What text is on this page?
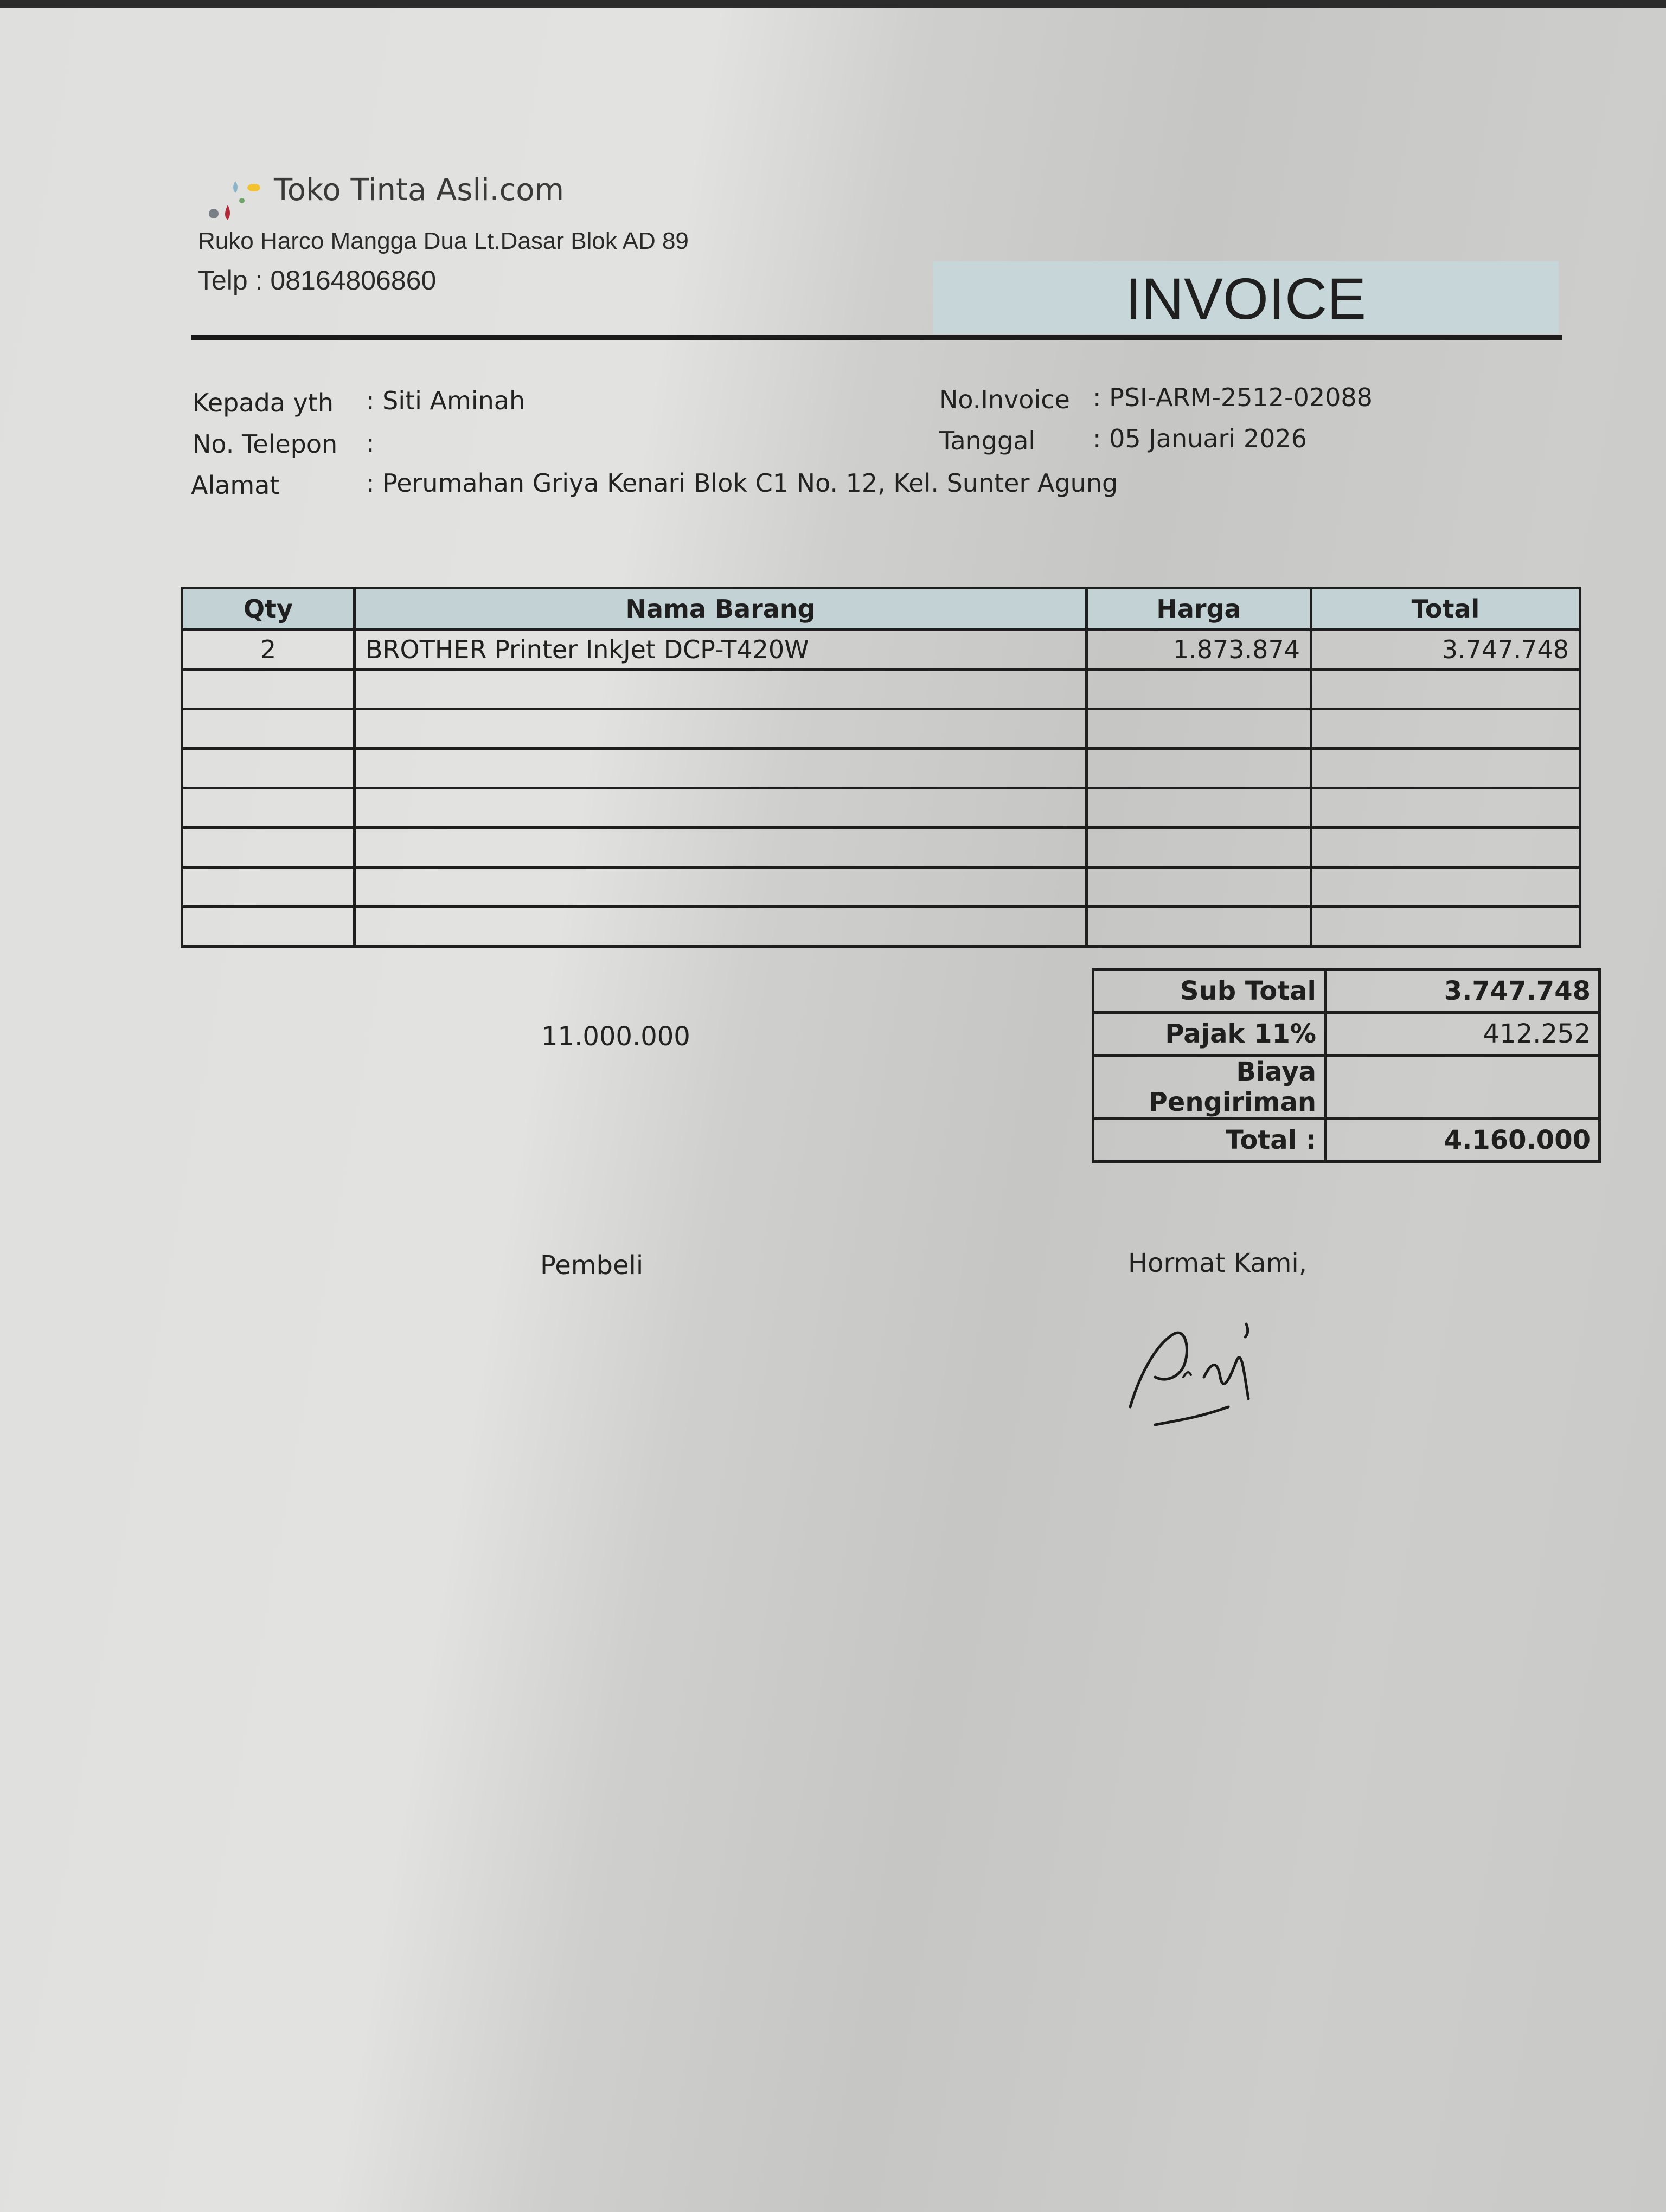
Toko Tinta Asli.com
Ruko Harco Mangga Dua Lt.Dasar Blok AD 89
Telp : 08164806860	INVOICE
Kepada yth : Siti Aminah
No. Telepon :
Alamat	: Perumahan Griya Kenari Blok C1 No. 12, Kel. Sunter Agung
No.Invoice : PSI-ARM-2512-02088
Tanggal : 05 Januari 2026
Qty	Nama Barang	Harga	Total
2	BROTHER Printer InkJet DCP-T420W	1.873.874	3.747.748

Sub Total	3.747.748
Pajak 11%	412.252
Biaya Pengiriman	
Total :	4.160.000
11.000.000
Pembeli	Hormat Kami,
